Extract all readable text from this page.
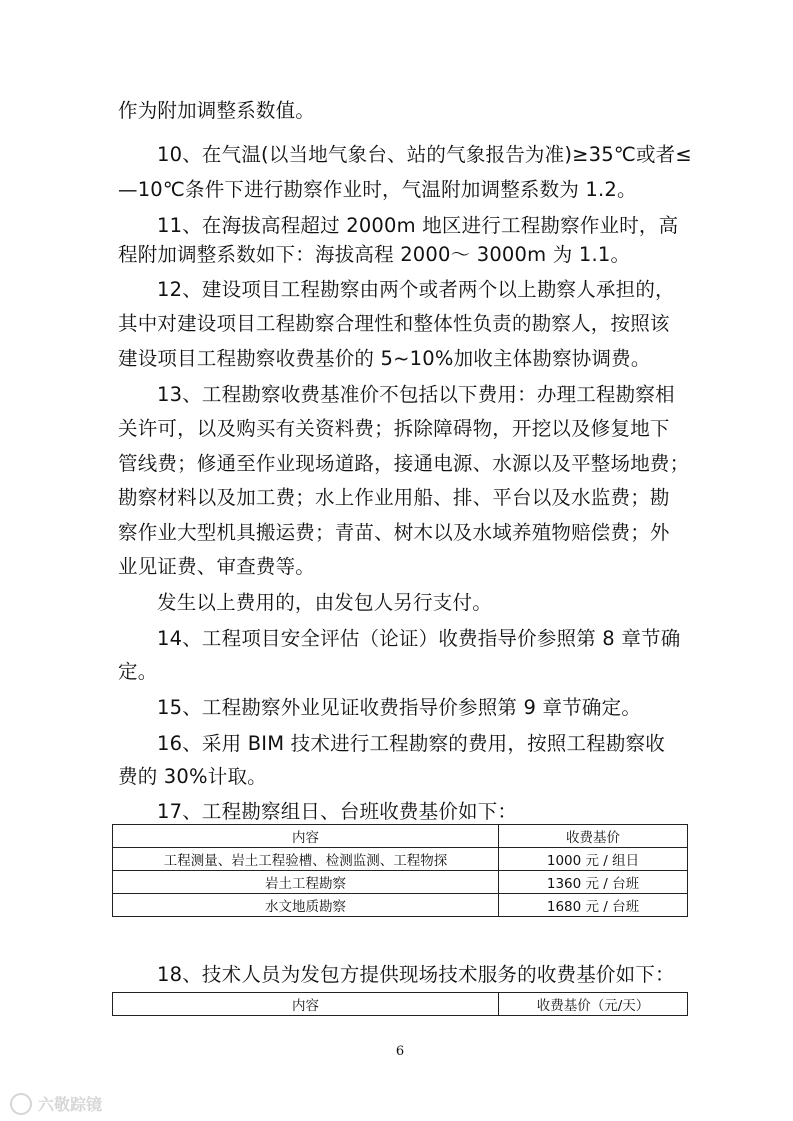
作为附加调整系数值。
10、在气温(以当地气象台、站的气象报告为准)≥35℃或者≤
—10℃条件下进行勘察作业时，气温附加调整系数为 1.2。
11、在海拔高程超过 2000m 地区进行工程勘察作业时，高
程附加调整系数如下：海拔高程 2000～ 3000m 为 1.1。
12、建设项目工程勘察由两个或者两个以上勘察人承担的，
其中对建设项目工程勘察合理性和整体性负责的勘察人，按照该
建设项目工程勘察收费基价的 5~10%加收主体勘察协调费。
13、工程勘察收费基准价不包括以下费用：办理工程勘察相
关许可，以及购买有关资料费；拆除障碍物，开挖以及修复地下
管线费；修通至作业现场道路，接通电源、水源以及平整场地费；
勘察材料以及加工费；水上作业用船、排、平台以及水监费；勘
察作业大型机具搬运费；青苗、树木以及水域养殖物赔偿费；外
业见证费、审查费等。
发生以上费用的，由发包人另行支付。
14、工程项目安全评估（论证）收费指导价参照第 8 章节确
定。
15、工程勘察外业见证收费指导价参照第 9 章节确定。
16、采用 BIM 技术进行工程勘察的费用，按照工程勘察收
费的 30%计取。
17、工程勘察组日、台班收费基价如下：
内容	收费基价
工程测量、岩土工程验槽、检测监测、工程物探	1000 元 / 组日
岩土工程勘察	1360 元 / 台班
水文地质勘察	1680 元 / 台班
18、技术人员为发包方提供现场技术服务的收费基价如下：
内容	收费基价（元/天）
6
六敬踪镜
